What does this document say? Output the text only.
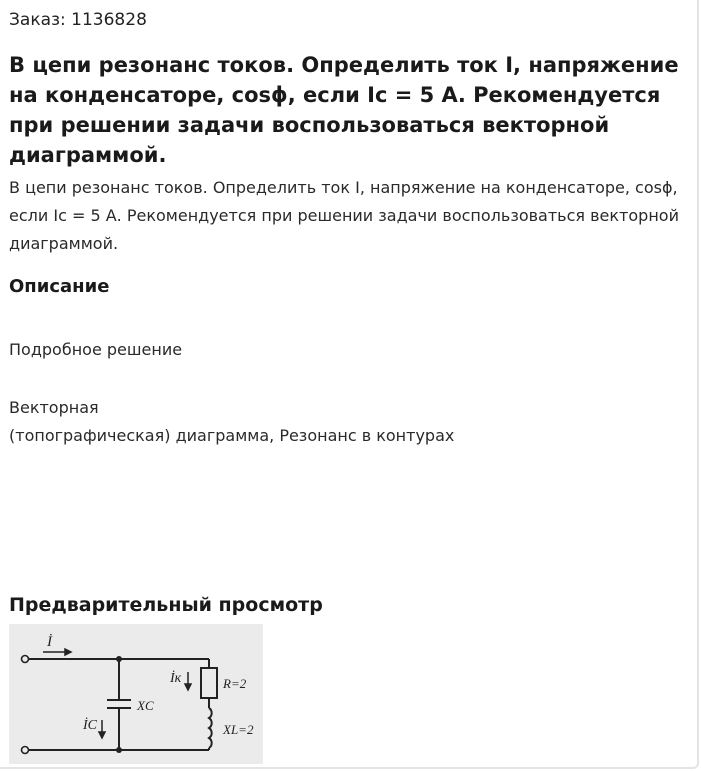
Заказ: 1136828

В цепи резонанс токов. Определить ток I, напряжение на конденсаторе, cosϕ, если Ic = 5 А. Рекомендуется при решении задачи воспользоваться векторной диаграммой.

В цепи резонанс токов. Определить ток I, напряжение на конденсаторе, cosϕ, если Ic = 5 А. Рекомендуется при решении задачи воспользоваться векторной диаграммой.

Описание

Подробное решение

Векторная

(топографическая) диаграмма, Резонанс в контурах

Предварительный просмотр
İ
İк
İС
R=2
XС
XL=2
